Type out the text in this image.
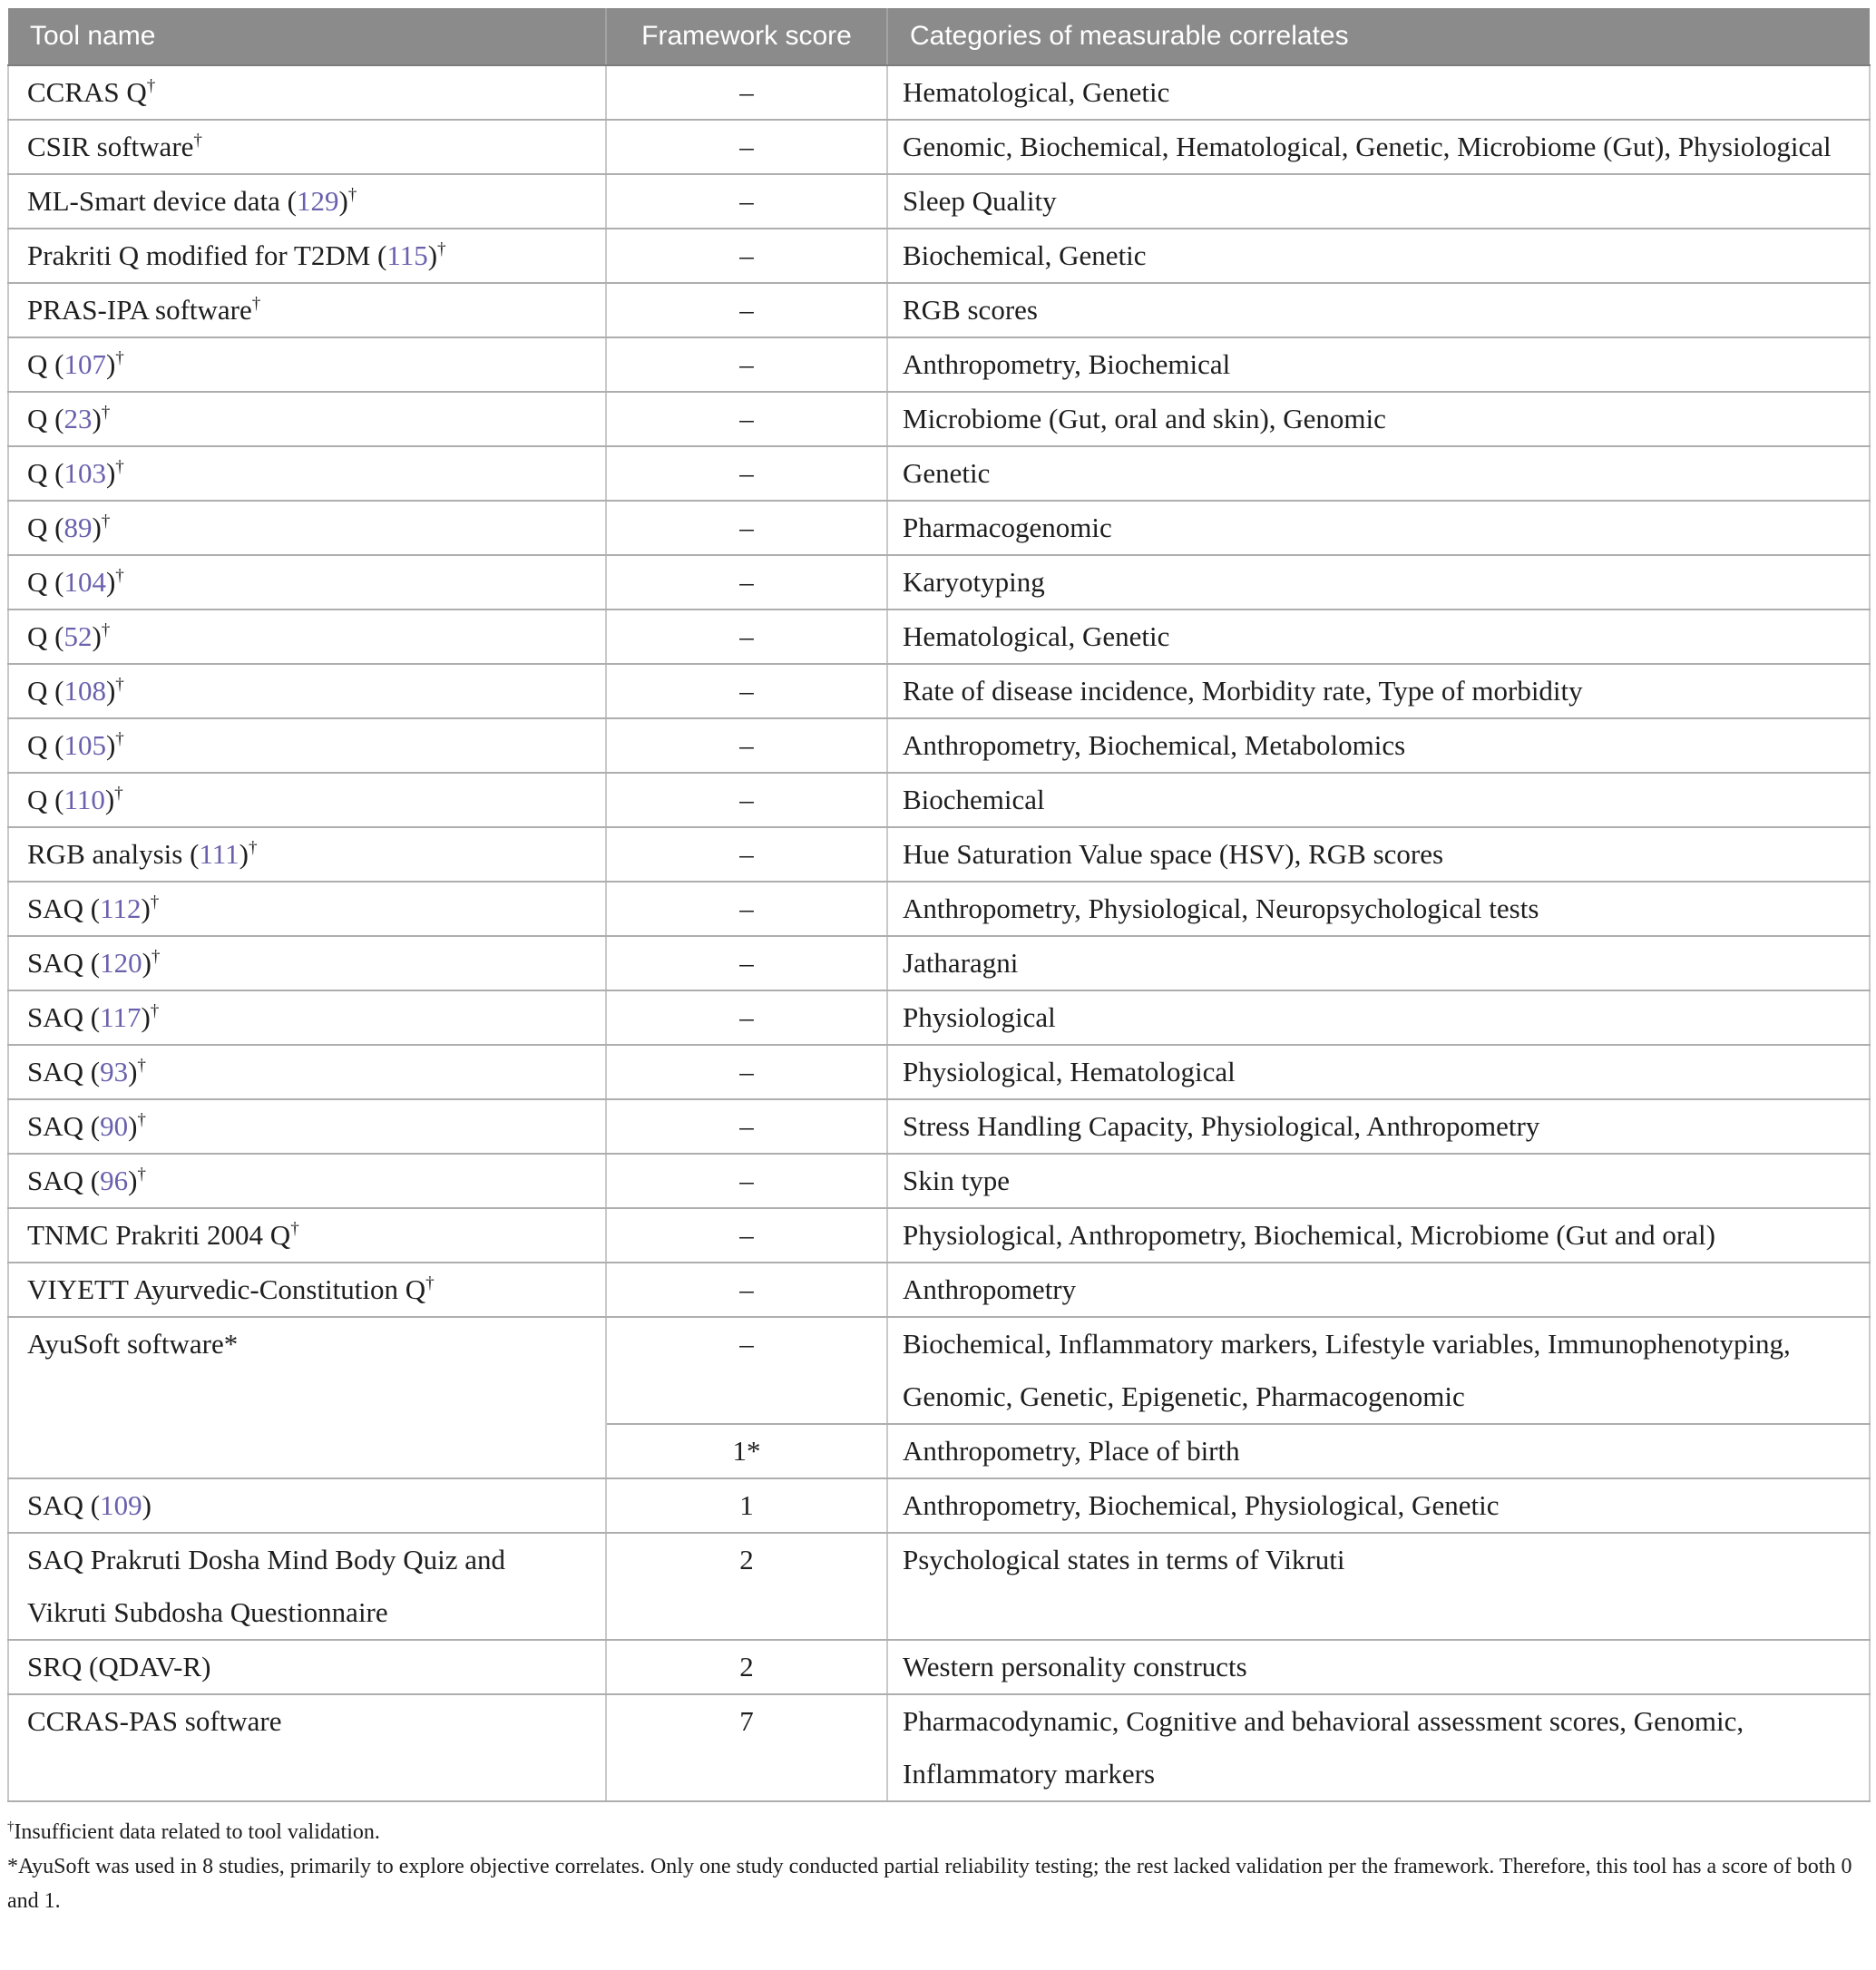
Tool name	Framework score	Categories of measurable correlates
CCRAS Q†	–	Hematological, Genetic
CSIR software†	–	Genomic, Biochemical, Hematological, Genetic, Microbiome (Gut), Physiological
ML-Smart device data (129)†	–	Sleep Quality
Prakriti Q modified for T2DM (115)†	–	Biochemical, Genetic
PRAS-IPA software†	–	RGB scores
Q (107)†	–	Anthropometry, Biochemical
Q (23)†	–	Microbiome (Gut, oral and skin), Genomic
Q (103)†	–	Genetic
Q (89)†	–	Pharmacogenomic
Q (104)†	–	Karyotyping
Q (52)†	–	Hematological, Genetic
Q (108)†	–	Rate of disease incidence, Morbidity rate, Type of morbidity
Q (105)†	–	Anthropometry, Biochemical, Metabolomics
Q (110)†	–	Biochemical
RGB analysis (111)†	–	Hue Saturation Value space (HSV), RGB scores
SAQ (112)†	–	Anthropometry, Physiological, Neuropsychological tests
SAQ (120)†	–	Jatharagni
SAQ (117)†	–	Physiological
SAQ (93)†	–	Physiological, Hematological
SAQ (90)†	–	Stress Handling Capacity, Physiological, Anthropometry
SAQ (96)†	–	Skin type
TNMC Prakriti 2004 Q†	–	Physiological, Anthropometry, Biochemical, Microbiome (Gut and oral)
VIYETT Ayurvedic-Constitution Q†	–	Anthropometry
AyuSoft software*	–	Biochemical, Inflammatory markers, Lifestyle variables, Immunophenotyping, Genomic, Genetic, Epigenetic, Pharmacogenomic
	1*	Anthropometry, Place of birth
SAQ (109)	1	Anthropometry, Biochemical, Physiological, Genetic
SAQ Prakruti Dosha Mind Body Quiz and Vikruti Subdosha Questionnaire	2	Psychological states in terms of Vikruti
SRQ (QDAV-R)	2	Western personality constructs
CCRAS-PAS software	7	Pharmacodynamic, Cognitive and behavioral assessment scores, Genomic, Inflammatory markers

†Insufficient data related to tool validation.

*AyuSoft was used in 8 studies, primarily to explore objective correlates. Only one study conducted partial reliability testing; the rest lacked validation per the framework. Therefore, this tool has a score of both 0 and 1.
